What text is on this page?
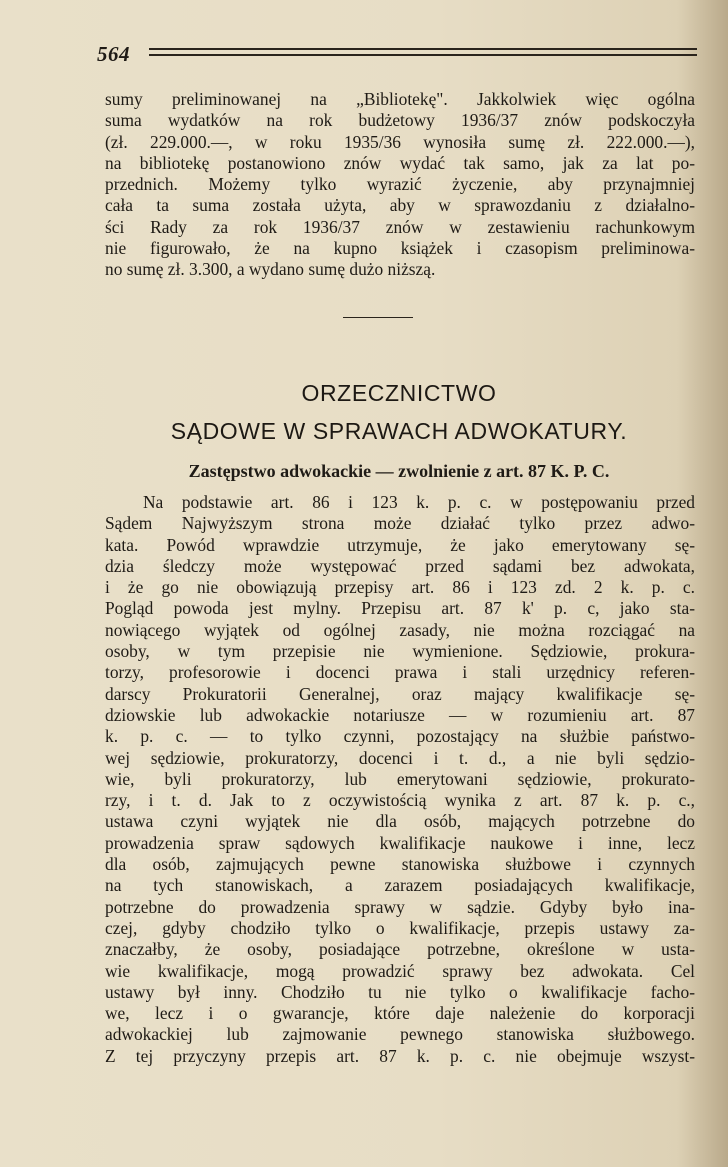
564
sumy preliminowanej na „Bibliotekę". Jakkolwiek więc ogólna
suma wydatków na rok budżetowy 1936/37 znów podskoczyła
(zł. 229.000.—, w roku 1935/36 wynosiła sumę zł. 222.000.—),
na bibliotekę postanowiono znów wydać tak samo, jak za lat po-
przednich. Możemy tylko wyrazić życzenie, aby przynajmniej
cała ta suma została użyta, aby w sprawozdaniu z działalno-
ści Rady za rok 1936/37 znów w zestawieniu rachunkowym
nie figurowało, że na kupno książek i czasopism preliminowa-
no sumę zł. 3.300, a wydano sumę dużo niższą.
ORZECZNICTWO
SĄDOWE W SPRAWACH ADWOKATURY.
Zastępstwo adwokackie — zwolnienie z art. 87 K. P. C.
Na podstawie art. 86 i 123 k. p. c. w postępowaniu przed
Sądem Najwyższym strona może działać tylko przez adwo-
kata. Powód wprawdzie utrzymuje, że jako emerytowany sę-
dzia śledczy może występować przed sądami bez adwokata,
i że go nie obowiązują przepisy art. 86 i 123 zd. 2 k. p. c.
Pogląd powoda jest mylny. Przepisu art. 87 k' p. c, jako sta-
nowiącego wyjątek od ogólnej zasady, nie można rozciągać na
osoby, w tym przepisie nie wymienione. Sędziowie, prokura-
torzy, profesorowie i docenci prawa i stali urzędnicy referen-
darscy Prokuratorii Generalnej, oraz mający kwalifikacje sę-
dziowskie lub adwokackie notariusze — w rozumieniu art. 87
k. p. c. — to tylko czynni, pozostający na służbie państwo-
wej sędziowie, prokuratorzy, docenci i t. d., a nie byli sędzio-
wie, byli prokuratorzy, lub emerytowani sędziowie, prokurato-
rzy, i t. d. Jak to z oczywistością wynika z art. 87 k. p. c.,
ustawa czyni wyjątek nie dla osób, mających potrzebne do
prowadzenia spraw sądowych kwalifikacje naukowe i inne, lecz
dla osób, zajmujących pewne stanowiska służbowe i czynnych
na tych stanowiskach, a zarazem posiadających kwalifikacje,
potrzebne do prowadzenia sprawy w sądzie. Gdyby było ina-
czej, gdyby chodziło tylko o kwalifikacje, przepis ustawy za-
znaczałby, że osoby, posiadające potrzebne, określone w usta-
wie kwalifikacje, mogą prowadzić sprawy bez adwokata. Cel
ustawy był inny. Chodziło tu nie tylko o kwalifikacje facho-
we, lecz i o gwarancje, które daje należenie do korporacji
adwokackiej lub zajmowanie pewnego stanowiska służbowego.
Z tej przyczyny przepis art. 87 k. p. c. nie obejmuje wszyst-
